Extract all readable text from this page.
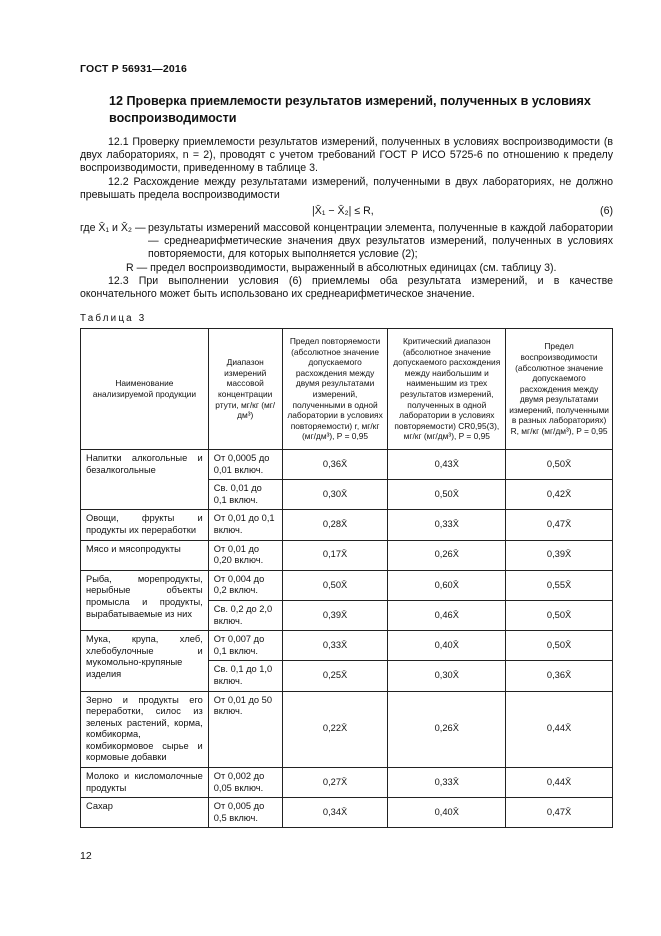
ГОСТ Р 56931—2016
12 Проверка приемлемости результатов измерений, полученных в условиях воспроизводимости

12.1 Проверку приемлемости результатов измерений, полученных в условиях воспроизводимости (в двух лабораториях, n = 2), проводят с учетом требований ГОСТ Р ИСО 5725-6 по отношению к пределу воспроизводимости, приведенному в таблице 3.

12.2 Расхождение между результатами измерений, полученными в двух лабораториях, не должно превышать предела воспроизводимости

|X̄₁ − X̄₂| ≤ R,	(6)
где X̄₁ и X̄₂ — результаты измерений массовой концентрации элемента, полученные в каждой лаборатории — среднеарифметические значения двух результатов измерений, полученных в условиях повторяемости, для которых выполняется условие (2);

R — предел воспроизводимости, выраженный в абсолютных единицах (см. таблицу 3).

12.3 При выполнении условия (6) приемлемы оба результата измерений, и в качестве окончательного может быть использовано их среднеарифметическое значение.

Таблица 3
Наименование анализируемой продукции	Диапазон измерений массовой концентрации ртути, мг/кг (мг/дм³)	Предел повторяемости (абсолютное значение допускаемого расхождения между двумя результатами измерений, полученными в одной лаборатории в условиях повторяемости) r, мг/кг (мг/дм³), P = 0,95	Критический диапазон (абсолютное значение допускаемого расхождения между наибольшим и наименьшим из трех результатов измерений, полученных в одной лаборатории в условиях повторяемости) CR0,95(3), мг/кг (мг/дм³), P = 0,95	Предел воспроизводимости (абсолютное значение допускаемого расхождения между двумя результатами измерений, полученными в разных лабораториях) R, мг/кг (мг/дм³), P = 0,95
Напитки алкогольные и безалкогольные	От 0,0005 до 0,01 включ.	0,36X̄	0,43X̄	0,50X̄
	Св. 0,01 до 0,1 включ.	0,30X̄	0,50X̄	0,42X̄
Овощи, фрукты и продукты их переработки	От 0,01 до 0,1 включ.	0,28X̄	0,33X̄	0,47X̄
Мясо и мясопродукты	От 0,01 до 0,20 включ.	0,17X̄	0,26X̄	0,39X̄
Рыба, морепродукты, нерыбные объекты промысла и продукты, вырабатываемые из них	От 0,004 до 0,2 включ.	0,50X̄	0,60X̄	0,55X̄
	Св. 0,2 до 2,0 включ.	0,39X̄	0,46X̄	0,50X̄
Мука, крупа, хлеб, хлебобулочные и мукомольно-крупяные изделия	От 0,007 до 0,1 включ.	0,33X̄	0,40X̄	0,50X̄
	Св. 0,1 до 1,0 включ.	0,25X̄	0,30X̄	0,36X̄
Зерно и продукты его переработки, силос из зеленых растений, корма, комбикорма, комбикормовое сырье и кормовые добавки	От 0,01 до 50 включ.	0,22X̄	0,26X̄	0,44X̄
Молоко и кисломолочные продукты	От 0,002 до 0,05 включ.	0,27X̄	0,33X̄	0,44X̄
Сахар	От 0,005 до 0,5 включ.	0,34X̄	0,40X̄	0,47X̄
12
